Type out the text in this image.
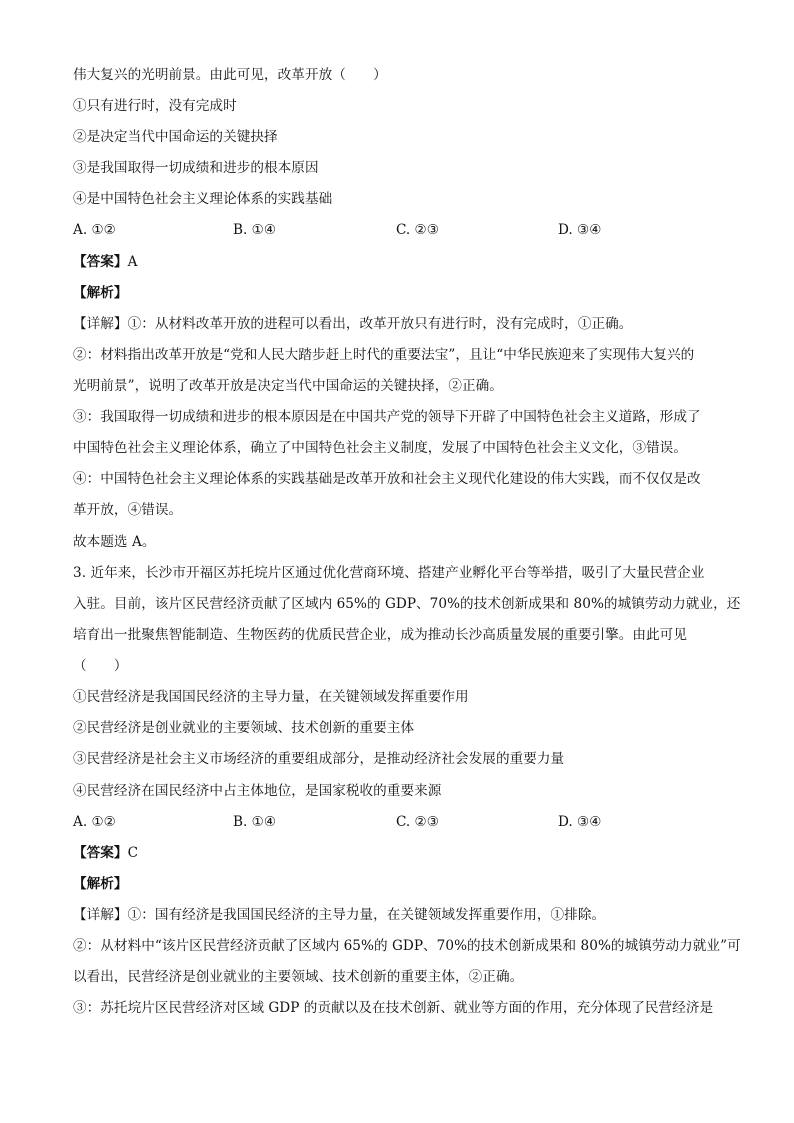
伟大复兴的光明前景。由此可见，改革开放（　　）
①只有进行时，没有完成时
②是决定当代中国命运的关键抉择
③是我国取得一切成绩和进步的根本原因
④是中国特色社会主义理论体系的实践基础
A. ①②	B. ①④	C. ②③	D. ③④
【答案】A
【解析】
【详解】①：从材料改革开放的进程可以看出，改革开放只有进行时，没有完成时，①正确。
②：材料指出改革开放是“党和人民大踏步赶上时代的重要法宝”，且让“中华民族迎来了实现伟大复兴的
光明前景”，说明了改革开放是决定当代中国命运的关键抉择，②正确。
③：我国取得一切成绩和进步的根本原因是在中国共产党的领导下开辟了中国特色社会主义道路，形成了
中国特色社会主义理论体系，确立了中国特色社会主义制度，发展了中国特色社会主义文化，③错误。
④：中国特色社会主义理论体系的实践基础是改革开放和社会主义现代化建设的伟大实践，而不仅仅是改
革开放，④错误。
故本题选 A。
3. 近年来，长沙市开福区苏托垸片区通过优化营商环境、搭建产业孵化平台等举措，吸引了大量民营企业
入驻。目前，该片区民营经济贡献了区域内 65%的 GDP、70%的技术创新成果和 80%的城镇劳动力就业，还
培育出一批聚焦智能制造、生物医药的优质民营企业，成为推动长沙高质量发展的重要引擎。由此可见
（　　）
①民营经济是我国国民经济的主导力量，在关键领域发挥重要作用
②民营经济是创业就业的主要领域、技术创新的重要主体
③民营经济是社会主义市场经济的重要组成部分，是推动经济社会发展的重要力量
④民营经济在国民经济中占主体地位，是国家税收的重要来源
A. ①②	B. ①④	C. ②③	D. ③④
【答案】C
【解析】
【详解】①：国有经济是我国国民经济的主导力量，在关键领域发挥重要作用，①排除。
②：从材料中“该片区民营经济贡献了区域内 65%的 GDP、70%的技术创新成果和 80%的城镇劳动力就业”可
以看出，民营经济是创业就业的主要领域、技术创新的重要主体，②正确。
③：苏托垸片区民营经济对区域 GDP 的贡献以及在技术创新、就业等方面的作用，充分体现了民营经济是
